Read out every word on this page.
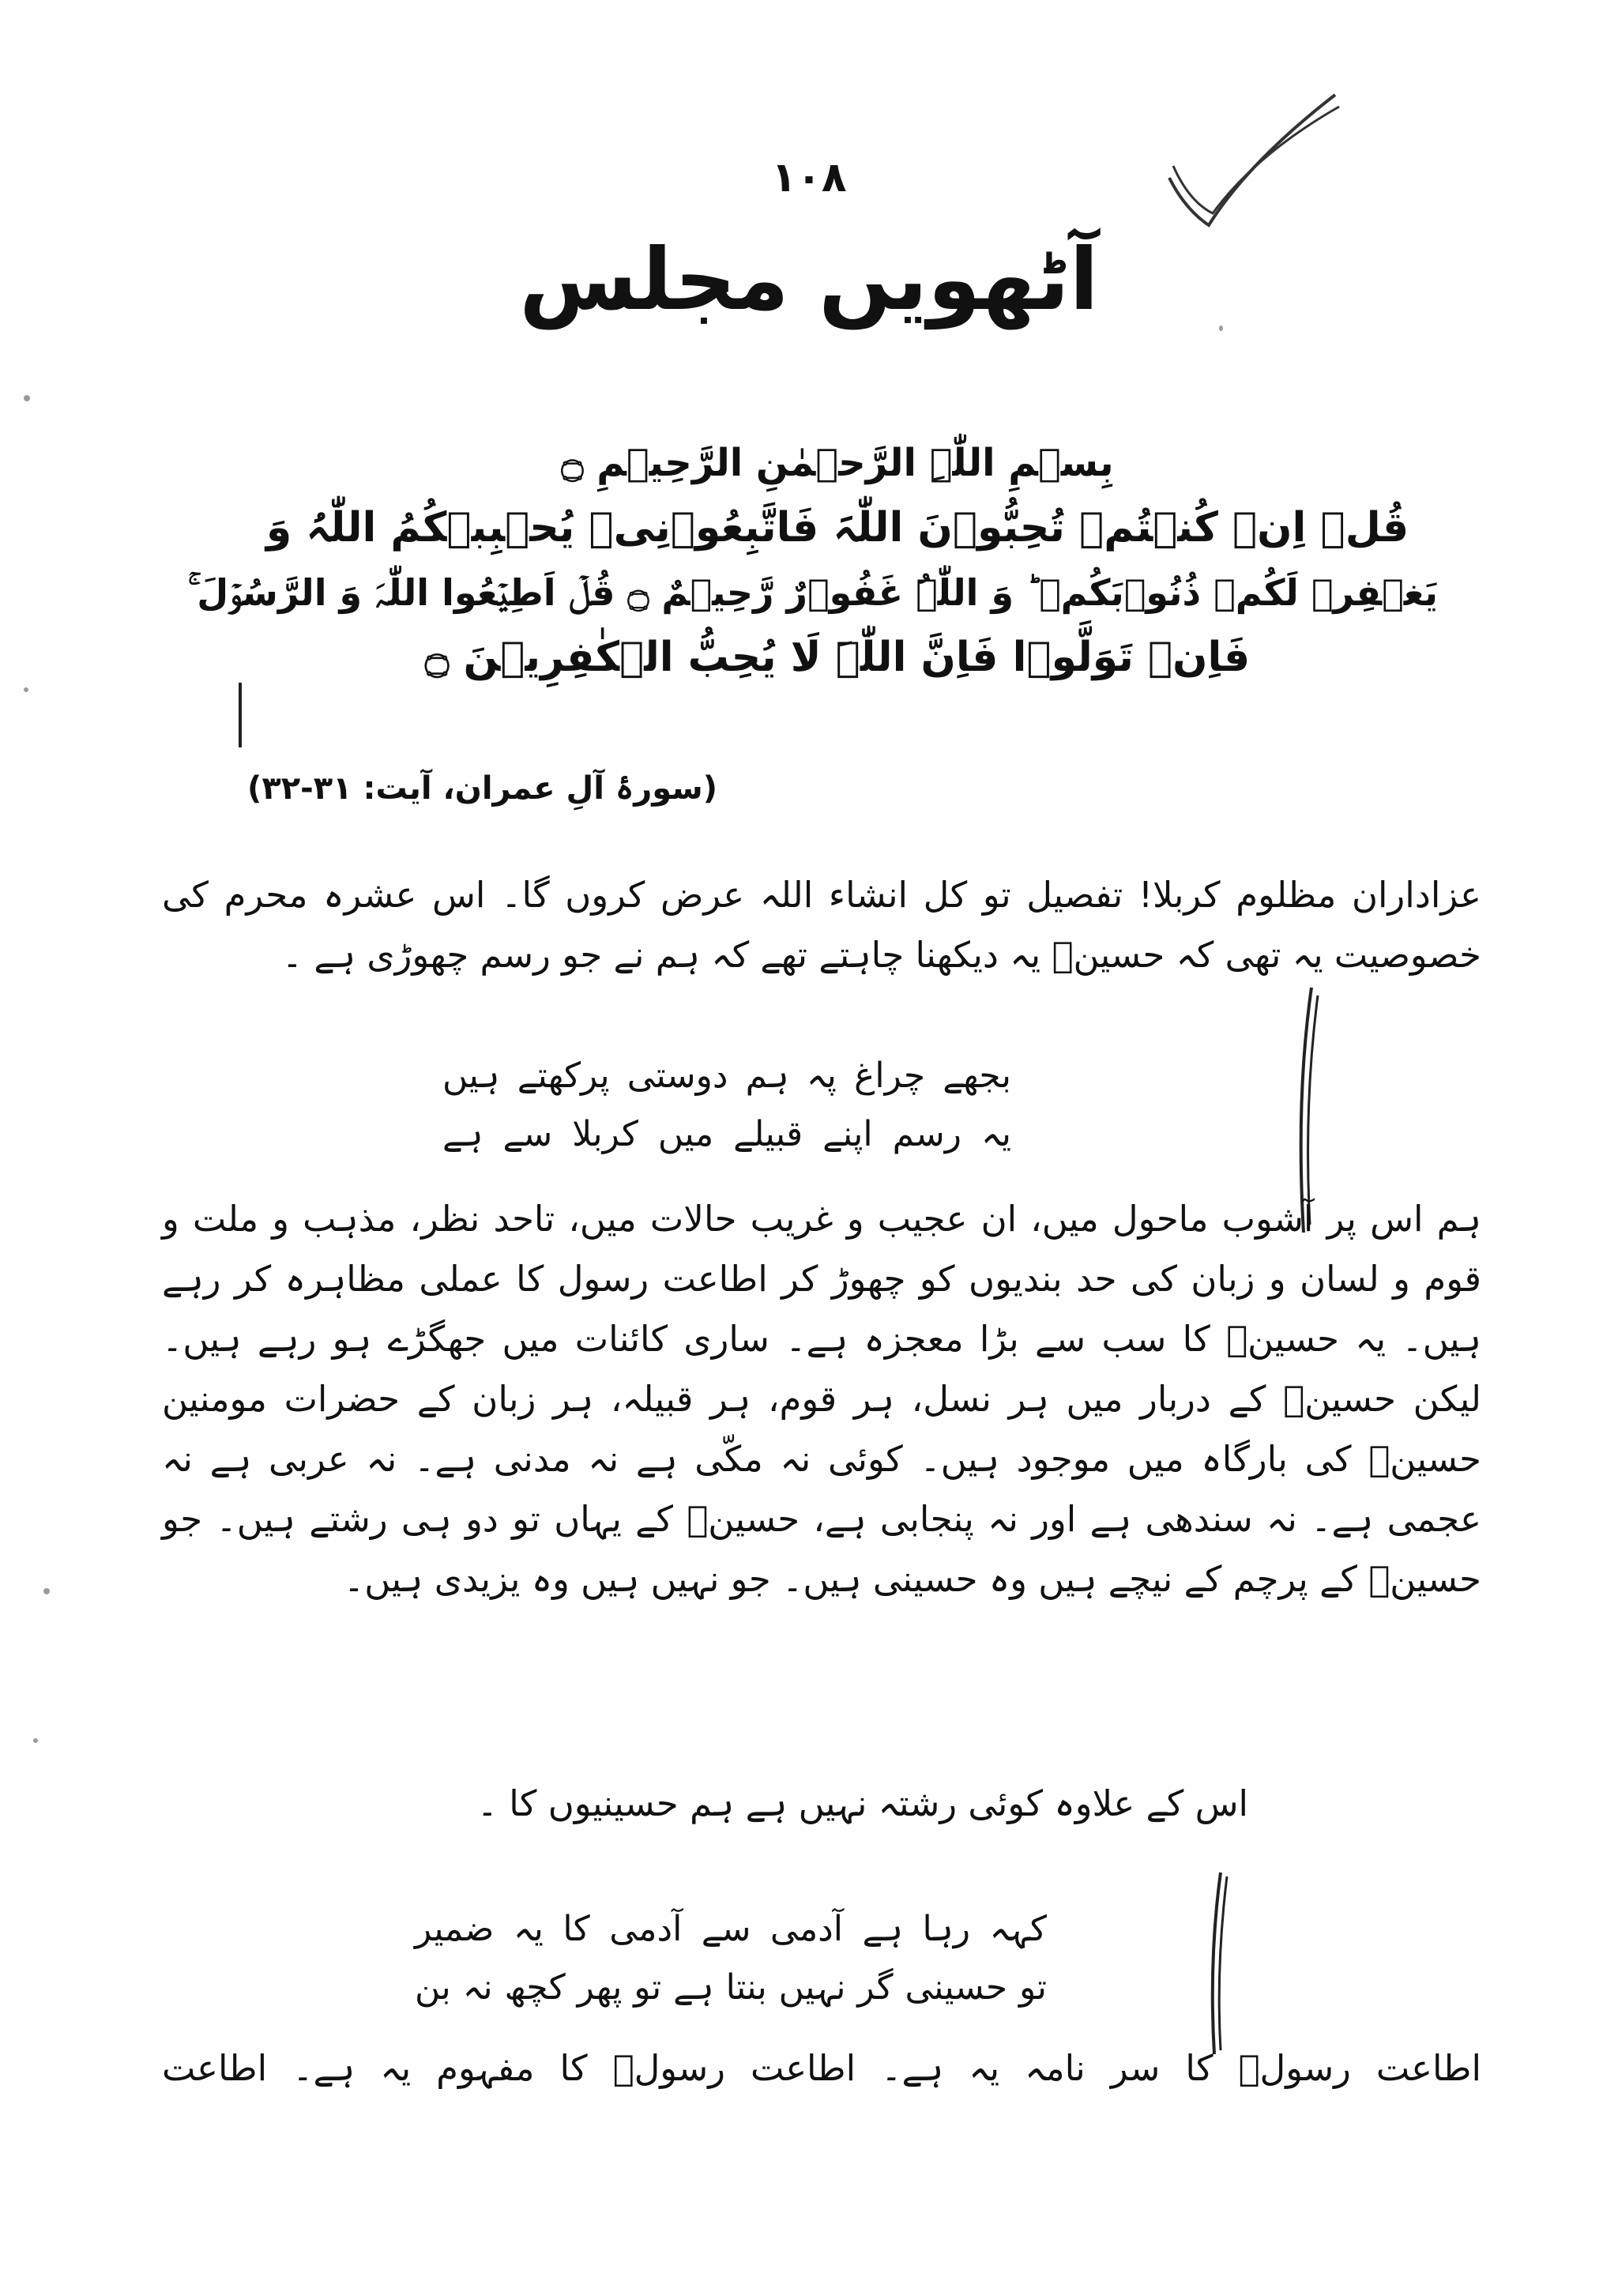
۱۰۸
آٹھویں مجلس
بِسۡمِ اللّٰہِ الرَّحۡمٰنِ الرَّحِیۡمِ ۝
قُلۡ اِنۡ کُنۡتُمۡ تُحِبُّوۡنَ اللّٰہَ فَاتَّبِعُوۡنِیۡ یُحۡبِبۡکُمُ اللّٰہُ وَ
یَغۡفِرۡ لَکُمۡ ذُنُوۡبَکُمۡ ؕ وَ اللّٰہُ غَفُوۡرٌ رَّحِیۡمٌ ۝ قُلۡ اَطِیۡعُوا اللّٰہَ وَ الرَّسُوۡلَ ۚ
فَاِنۡ تَوَلَّوۡا فَاِنَّ اللّٰہَ لَا یُحِبُّ الۡکٰفِرِیۡنَ ۝
(سورۂ آلِ عمران، آیت: ۳۱-۳۲)
عزاداران مظلوم کربلا! تفصیل تو کل انشاء اللہ عرض کروں گا۔ اس عشرہ محرم کی خصوصیت یہ تھی کہ حسینؑ یہ دیکھنا چاہتے تھے کہ ہم نے جو رسم چھوڑی ہے ۔
بجھے چراغ پہ ہم دوستی پرکھتے ہیں
یہ رسم اپنے قبیلے میں کربلا سے ہے
ہم اس پر آشوب ماحول میں، ان عجیب و غریب حالات میں، تاحد نظر، مذہب و ملت و قوم و لسان و زبان کی حد بندیوں کو چھوڑ کر اطاعت رسول کا عملی مظاہرہ کر رہے ہیں۔ یہ حسینؑ کا سب سے بڑا معجزہ ہے۔ ساری کائنات میں جھگڑے ہو رہے ہیں۔ لیکن حسینؑ کے دربار میں ہر نسل، ہر قوم، ہر قبیلہ، ہر زبان کے حضرات مومنین حسینؑ کی بارگاہ میں موجود ہیں۔ کوئی نہ مکّی ہے نہ مدنی ہے۔ نہ عربی ہے نہ عجمی ہے۔ نہ سندھی ہے اور نہ پنجابی ہے، حسینؑ کے یہاں تو دو ہی رشتے ہیں۔ جو حسینؑ کے پرچم کے نیچے ہیں وہ حسینی ہیں۔ جو نہیں ہیں وہ یزیدی ہیں۔
اس کے علاوہ کوئی رشتہ نہیں ہے ہم حسینیوں کا ۔
کہہ رہا ہے آدمی سے آدمی کا یہ ضمیر
تو حسینی گر نہیں بنتا ہے تو پھر کچھ نہ بن
اطاعت رسولؑ کا سر نامہ یہ ہے۔ اطاعت رسولؑ کا مفہوم یہ ہے۔ اطاعت
